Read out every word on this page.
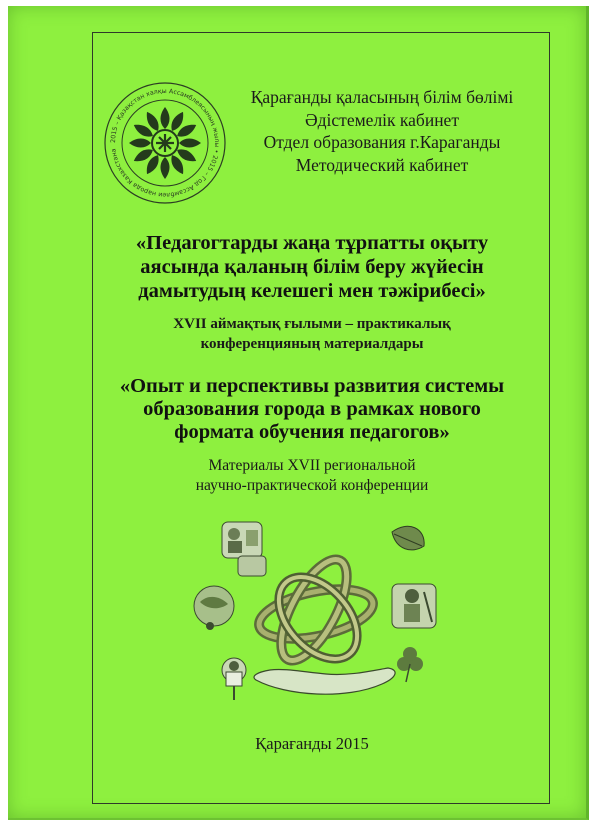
2015 – Қазақстан халқы Ассамблеясының жылы • 2015 – Год Ассамблеи народа Казахстана
Қарағанды қаласының білім бөлімі
Әдістемелік кабинет
Отдел образования г.Караганды
Методический кабинет
«Педагогтарды жаңа тұрпатты оқыту
аясында қаланың білім беру жүйесін
дамытудың келешегі мен тәжірибесі»
XVII аймақтық ғылыми – практикалық
конференцияның материалдары
«Опыт и перспективы развития системы
образования города в рамках нового
формата обучения педагогов»
Материалы XVII региональной
научно-практической конференции
Қарағанды 2015
